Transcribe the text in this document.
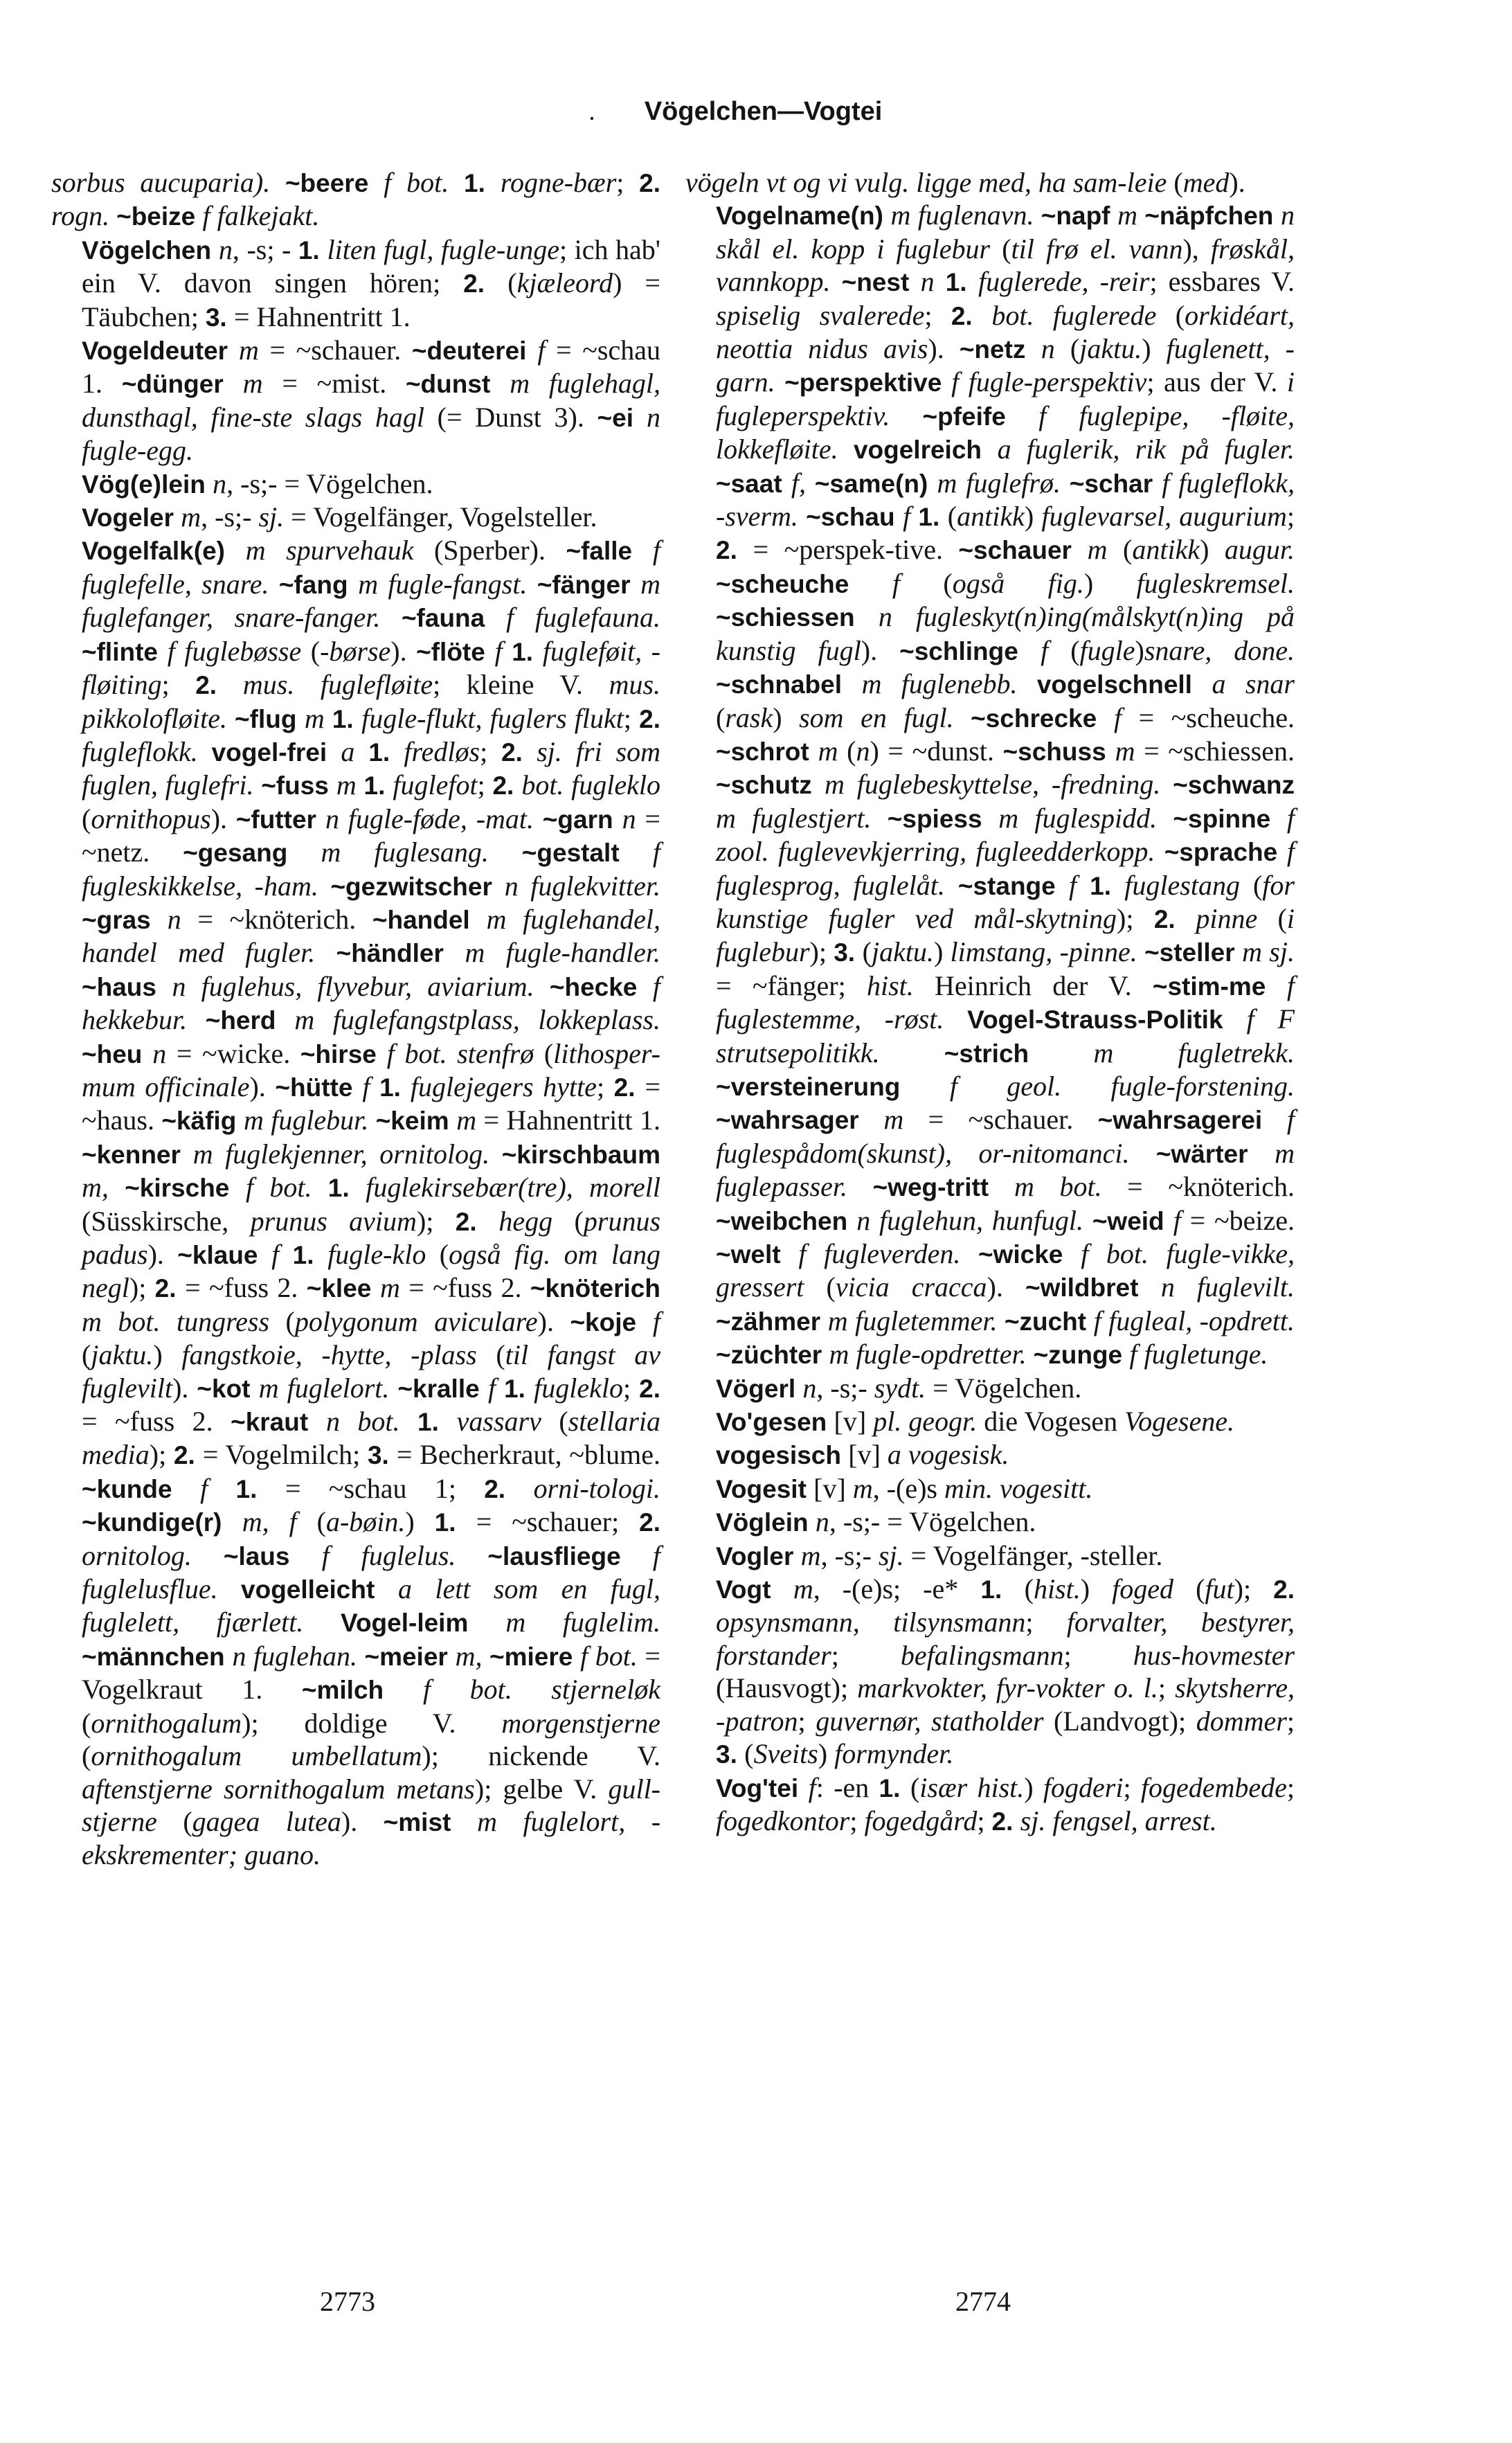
. Vögelchen—Vogtei

sorbus aucuparia). ~beere f bot. 1. rogne-bær; 2. rogn. ~beize f falkejakt.

Vögelchen n, -s; - 1. liten fugl, fugle-unge; ich hab' ein V. davon singen hören; 2. (kjæleord) = Täubchen; 3. = Hahnentritt 1.

Vogeldeuter m = ~schauer. ~deuterei f = ~schau 1. ~dünger m = ~mist. ~dunst m fuglehagl, dunsthagl, fine-ste slags hagl (= Dunst 3). ~ei n fugle-egg.

Vög(e)lein n, -s;- = Vögelchen.

Vogeler m, -s;- sj. = Vogelfänger, Vogelsteller.

Vogelfalk(e) m spurvehauk (Sperber). ~falle f fuglefelle, snare. ~fang m fugle-fangst. ~fänger m fuglefanger, snare-fanger. ~fauna f fuglefauna. ~flinte f fuglebøsse (-børse). ~flöte f 1. fugleføit, -fløiting; 2. mus. fuglefløite; kleine V. mus. pikkolofløite. ~flug m 1. fugle-flukt, fuglers flukt; 2. fugleflokk. vogel-frei a 1. fredløs; 2. sj. fri som fuglen, fuglefri. ~fuss m 1. fuglefot; 2. bot. fugleklo (ornithopus). ~futter n fugle-føde, -mat. ~garn n = ~netz. ~gesang m fuglesang. ~gestalt f fugleskikkelse, -ham. ~gezwitscher n fuglekvitter. ~gras n = ~knöterich. ~handel m fuglehandel, handel med fugler. ~händler m fugle-handler. ~haus n fuglehus, flyvebur, aviarium. ~hecke f hekkebur. ~herd m fuglefangstplass, lokkeplass. ~heu n = ~wicke. ~hirse f bot. stenfrø (lithosper-mum officinale). ~hütte f 1. fuglejegers hytte; 2. = ~haus. ~käfig m fuglebur. ~keim m = Hahnentritt 1. ~kenner m fuglekjenner, ornitolog. ~kirschbaum m, ~kirsche f bot. 1. fuglekirsebær(tre), morell (Süsskirsche, prunus avium); 2. hegg (prunus padus). ~klaue f 1. fugle-klo (også fig. om lang negl); 2. = ~fuss 2. ~klee m = ~fuss 2. ~knöterich m bot. tungress (polygonum aviculare). ~koje f (jaktu.) fangstkoie, -hytte, -plass (til fangst av fuglevilt). ~kot m fuglelort. ~kralle f 1. fugleklo; 2. = ~fuss 2. ~kraut n bot. 1. vassarv (stellaria media); 2. = Vogelmilch; 3. = Becherkraut, ~blume. ~kunde f 1. = ~schau 1; 2. orni-tologi. ~kundige(r) m, f (a-bøin.) 1. = ~schauer; 2. ornitolog. ~laus f fuglelus. ~lausfliege f fuglelusflue. vogelleicht a lett som en fugl, fuglelett, fjærlett. Vogel-leim m fuglelim. ~männchen n fuglehan. ~meier m, ~miere f bot. = Vogelkraut 1. ~milch f bot. stjerneløk (ornithogalum); doldige V. morgenstjerne (ornithogalum umbellatum); nickende V. aftenstjerne sornithogalum metans); gelbe V. gull-stjerne (gagea lutea). ~mist m fuglelort, -ekskrementer; guano.

vögeln vt og vi vulg. ligge med, ha sam-leie (med).

Vogelname(n) m fuglenavn. ~napf m ~näpfchen n skål el. kopp i fuglebur (til frø el. vann), frøskål, vannkopp. ~nest n 1. fuglerede, -reir; essbares V. spiselig svalerede; 2. bot. fuglerede (orkidéart, neottia nidus avis). ~netz n (jaktu.) fuglenett, -garn. ~perspektive f fugle-perspektiv; aus der V. i fugleperspektiv. ~pfeife f fuglepipe, -fløite, lokkefløite. vogelreich a fuglerik, rik på fugler. ~saat f, ~same(n) m fuglefrø. ~schar f fugleflokk, -sverm. ~schau f 1. (antikk) fuglevarsel, augurium; 2. = ~perspek-tive. ~schauer m (antikk) augur. ~scheuche f (også fig.) fugleskremsel. ~schiessen n fugleskyt(n)ing(målskyt(n)ing på kunstig fugl). ~schlinge f (fugle)snare, done. ~schnabel m fuglenebb. vogelschnell a snar (rask) som en fugl. ~schrecke f = ~scheuche. ~schrot m (n) = ~dunst. ~schuss m = ~schiessen. ~schutz m fuglebeskyttelse, -fredning. ~schwanz m fuglestjert. ~spiess m fuglespidd. ~spinne f zool. fuglevevkjerring, fugleedderkopp. ~sprache f fuglesprog, fuglelåt. ~stange f 1. fuglestang (for kunstige fugler ved mål-skytning); 2. pinne (i fuglebur); 3. (jaktu.) limstang, -pinne. ~steller m sj. = ~fänger; hist. Heinrich der V. ~stim-me f fuglestemme, -røst. Vogel-Strauss-Politik f F strutsepolitikk. ~strich m fugletrekk. ~versteinerung f geol. fugle-forstening. ~wahrsager m = ~schauer. ~wahrsagerei f fuglespådom(skunst), or-nitomanci. ~wärter m fuglepasser. ~weg-tritt m bot. = ~knöterich. ~weibchen n fuglehun, hunfugl. ~weid f = ~beize. ~welt f fugleverden. ~wicke f bot. fugle-vikke, gressert (vicia cracca). ~wildbret n fuglevilt. ~zähmer m fugletemmer. ~zucht f fugleal, -opdrett. ~züchter m fugle-opdretter. ~zunge f fugletunge.

Vögerl n, -s;- sydt. = Vögelchen.

Vo'gesen [v] pl. geogr. die Vogesen Vogesene.

vogesisch [v] a vogesisk.

Vogesit [v] m, -(e)s min. vogesitt.

Vöglein n, -s;- = Vögelchen.

Vogler m, -s;- sj. = Vogelfänger, -steller.

Vogt m, -(e)s; -e* 1. (hist.) foged (fut); 2. opsynsmann, tilsynsmann; forvalter, bestyrer, forstander; befalingsmann; hus-hovmester (Hausvogt); markvokter, fyr-vokter o. l.; skytsherre, -patron; guvernør, statholder (Landvogt); dommer; 3. (Sveits) formynder.

Vog'tei f: -en 1. (især hist.) fogderi; fogedembede; fogedkontor; fogedgård; 2. sj. fengsel, arrest.

2773	2774
